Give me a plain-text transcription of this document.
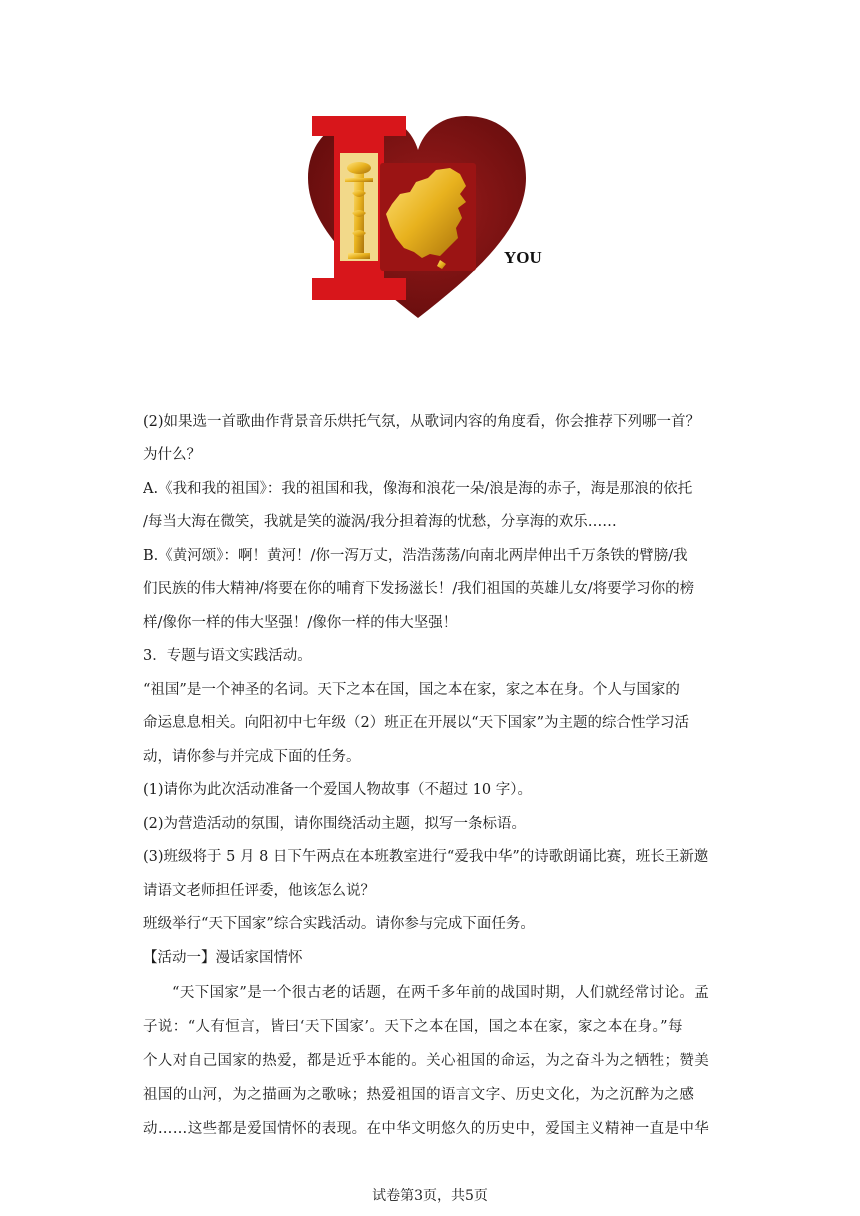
YOU
(2)如果选一首歌曲作背景音乐烘托气氛，从歌词内容的角度看，你会推荐下列哪一首？
为什么？
A.《我和我的祖国》：我的祖国和我，像海和浪花一朵/浪是海的赤子，海是那浪的依托
/每当大海在微笑，我就是笑的漩涡/我分担着海的忧愁，分享海的欢乐……
B.《黄河颂》：啊！黄河！/你一泻万丈，浩浩荡荡/向南北两岸伸出千万条铁的臂膀/我
们民族的伟大精神/将要在你的哺育下发扬滋长！/我们祖国的英雄儿女/将要学习你的榜
样/像你一样的伟大坚强！/像你一样的伟大坚强！
3．专题与语文实践活动。
“祖国”是一个神圣的名词。天下之本在国，国之本在家，家之本在身。个人与国家的
命运息息相关。向阳初中七年级（2）班正在开展以“天下国家”为主题的综合性学习活
动，请你参与并完成下面的任务。
(1)请你为此次活动准备一个爱国人物故事（不超过 10 字）。
(2)为营造活动的氛围，请你围绕活动主题，拟写一条标语。
(3)班级将于 5 月 8 日下午两点在本班教室进行“爱我中华”的诗歌朗诵比赛，班长王新邀
请语文老师担任评委，他该怎么说？
班级举行“天下国家”综合实践活动。请你参与完成下面任务。
【活动一】漫话家国情怀
“天下国家”是一个很古老的话题，在两千多年前的战国时期，人们就经常讨论。孟
子说：“人有恒言，皆曰‘天下国家’。天下之本在国，国之本在家，家之本在身。”每
个人对自己国家的热爱，都是近乎本能的。关心祖国的命运，为之奋斗为之牺牲；赞美
祖国的山河，为之描画为之歌咏；热爱祖国的语言文字、历史文化，为之沉醉为之感
动……这些都是爱国情怀的表现。在中华文明悠久的历史中，爱国主义精神一直是中华
试卷第3页，共5页
